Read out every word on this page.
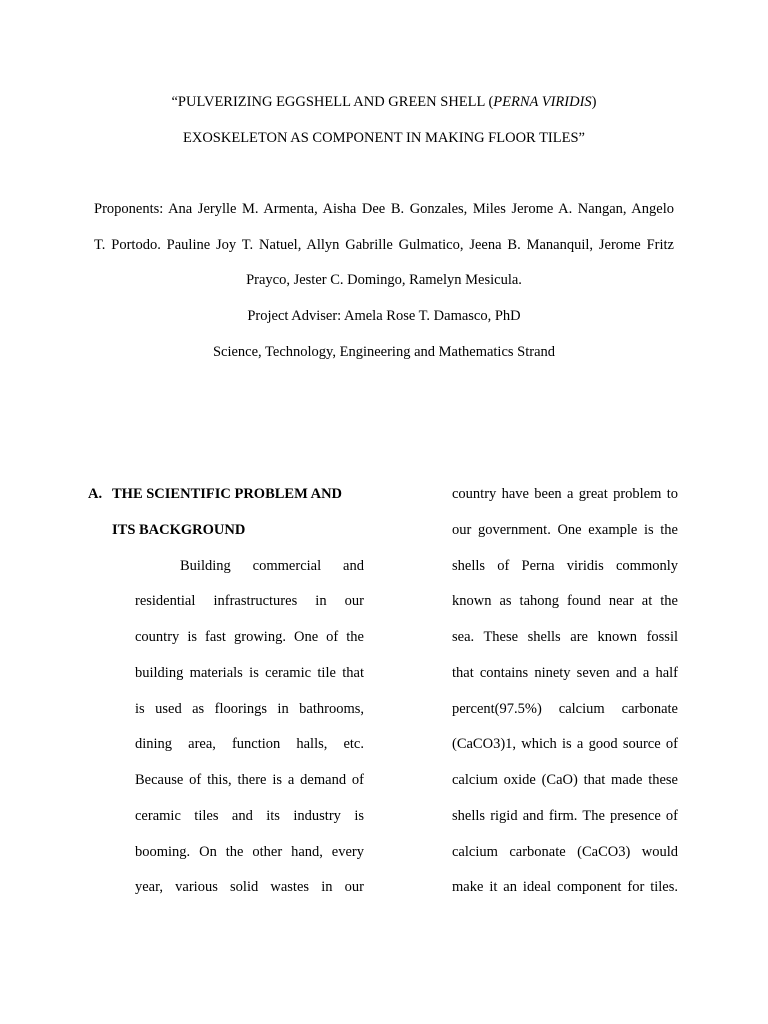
“PULVERIZING EGGSHELL AND GREEN SHELL (PERNA VIRIDIS)
EXOSKELETON AS COMPONENT IN MAKING FLOOR TILES”
Proponents: Ana Jerylle M. Armenta, Aisha Dee B. Gonzales, Miles Jerome A. Nangan, Angelo
T. Portodo. Pauline Joy T. Natuel, Allyn Gabrille Gulmatico, Jeena B. Mananquil, Jerome Fritz
Prayco, Jester C. Domingo, Ramelyn Mesicula.
Project Adviser: Amela Rose T. Damasco, PhD
Science, Technology, Engineering and Mathematics Strand
A. THE SCIENTIFIC PROBLEM AND
ITS BACKGROUND
Building commercial and
residential infrastructures in our
country is fast growing. One of the
building materials is ceramic tile that
is used as floorings in bathrooms,
dining area, function halls, etc.
Because of this, there is a demand of
ceramic tiles and its industry is
booming. On the other hand, every
year, various solid wastes in our
country have been a great problem to
our government. One example is the
shells of Perna viridis commonly
known as tahong found near at the
sea. These shells are known fossil
that contains ninety seven and a half
percent(97.5%) calcium carbonate
(CaCO3)1, which is a good source of
calcium oxide (CaO) that made these
shells rigid and firm. The presence of
calcium carbonate (CaCO3) would
make it an ideal component for tiles.
